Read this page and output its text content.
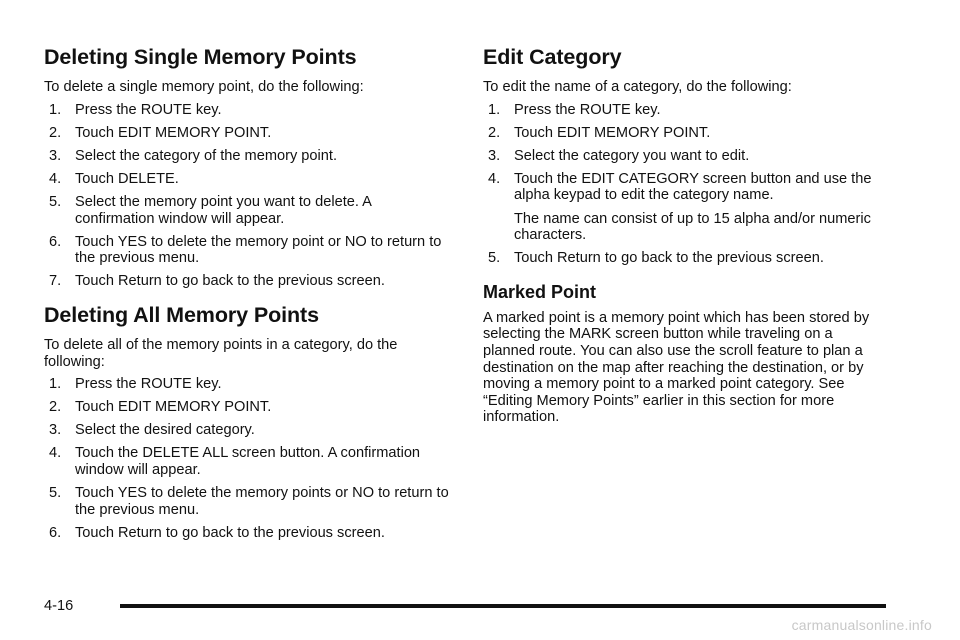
Deleting Single Memory Points

To delete a single memory point, do the following:

1. Press the ROUTE key.
2. Touch EDIT MEMORY POINT.
3. Select the category of the memory point.
4. Touch DELETE.
5. Select the memory point you want to delete. A confirmation window will appear.
6. Touch YES to delete the memory point or NO to return to the previous menu.
7. Touch Return to go back to the previous screen.
Deleting All Memory Points

To delete all of the memory points in a category, do the following:

1. Press the ROUTE key.
2. Touch EDIT MEMORY POINT.
3. Select the desired category.
4. Touch the DELETE ALL screen button. A confirmation window will appear.
5. Touch YES to delete the memory points or NO to return to the previous menu.
6. Touch Return to go back to the previous screen.
Edit Category

To edit the name of a category, do the following:

1. Press the ROUTE key.
2. Touch EDIT MEMORY POINT.
3. Select the category you want to edit.
4. Touch the EDIT CATEGORY screen button and use the alpha keypad to edit the category name.
The name can consist of up to 15 alpha and/or numeric characters.
5. Touch Return to go back to the previous screen.
Marked Point

A marked point is a memory point which has been stored by selecting the MARK screen button while traveling on a planned route. You can also use the scroll feature to plan a destination on the map after reaching the destination, or by moving a memory point to a marked point category. See “Editing Memory Points” earlier in this section for more information.

4-16
carmanualsonline.info
